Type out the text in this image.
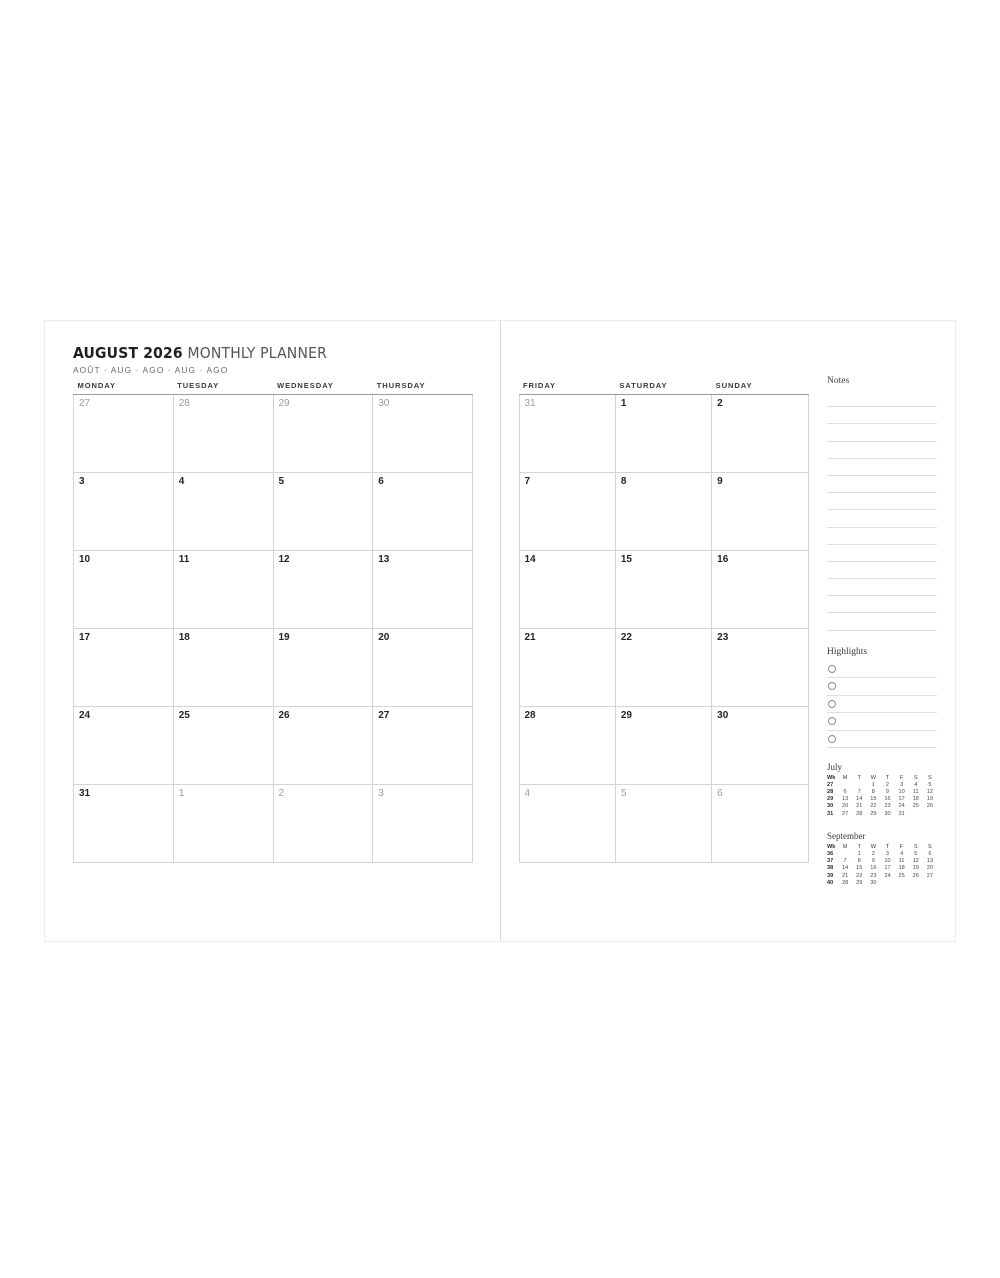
AUGUST 2026 MONTHLY PLANNER
AOÛT · AUG · AGO · AUG · AGO
MONDAY	TUESDAY	WEDNESDAY	THURSDAY
27	28	29	30
3	4	5	6
10	11	12	13
17	18	19	20
24	25	26	27
31	1	2	3
FRIDAY	SATURDAY	SUNDAY
31	1	2
7	8	9
14	15	16
21	22	23
28	29	30
4	5	6
Notes
Highlights
July
Wk	M	T	W	T	F	S	S
27			1	2	3	4	5
28	6	7	8	9	10	11	12
29	13	14	15	16	17	18	19
30	20	21	22	23	24	25	26
31	27	28	29	30	31		
September
Wk	M	T	W	T	F	S	S
36		1	2	3	4	5	6
37	7	8	9	10	11	12	13
38	14	15	16	17	18	19	20
39	21	22	23	24	25	26	27
40	28	29	30				
